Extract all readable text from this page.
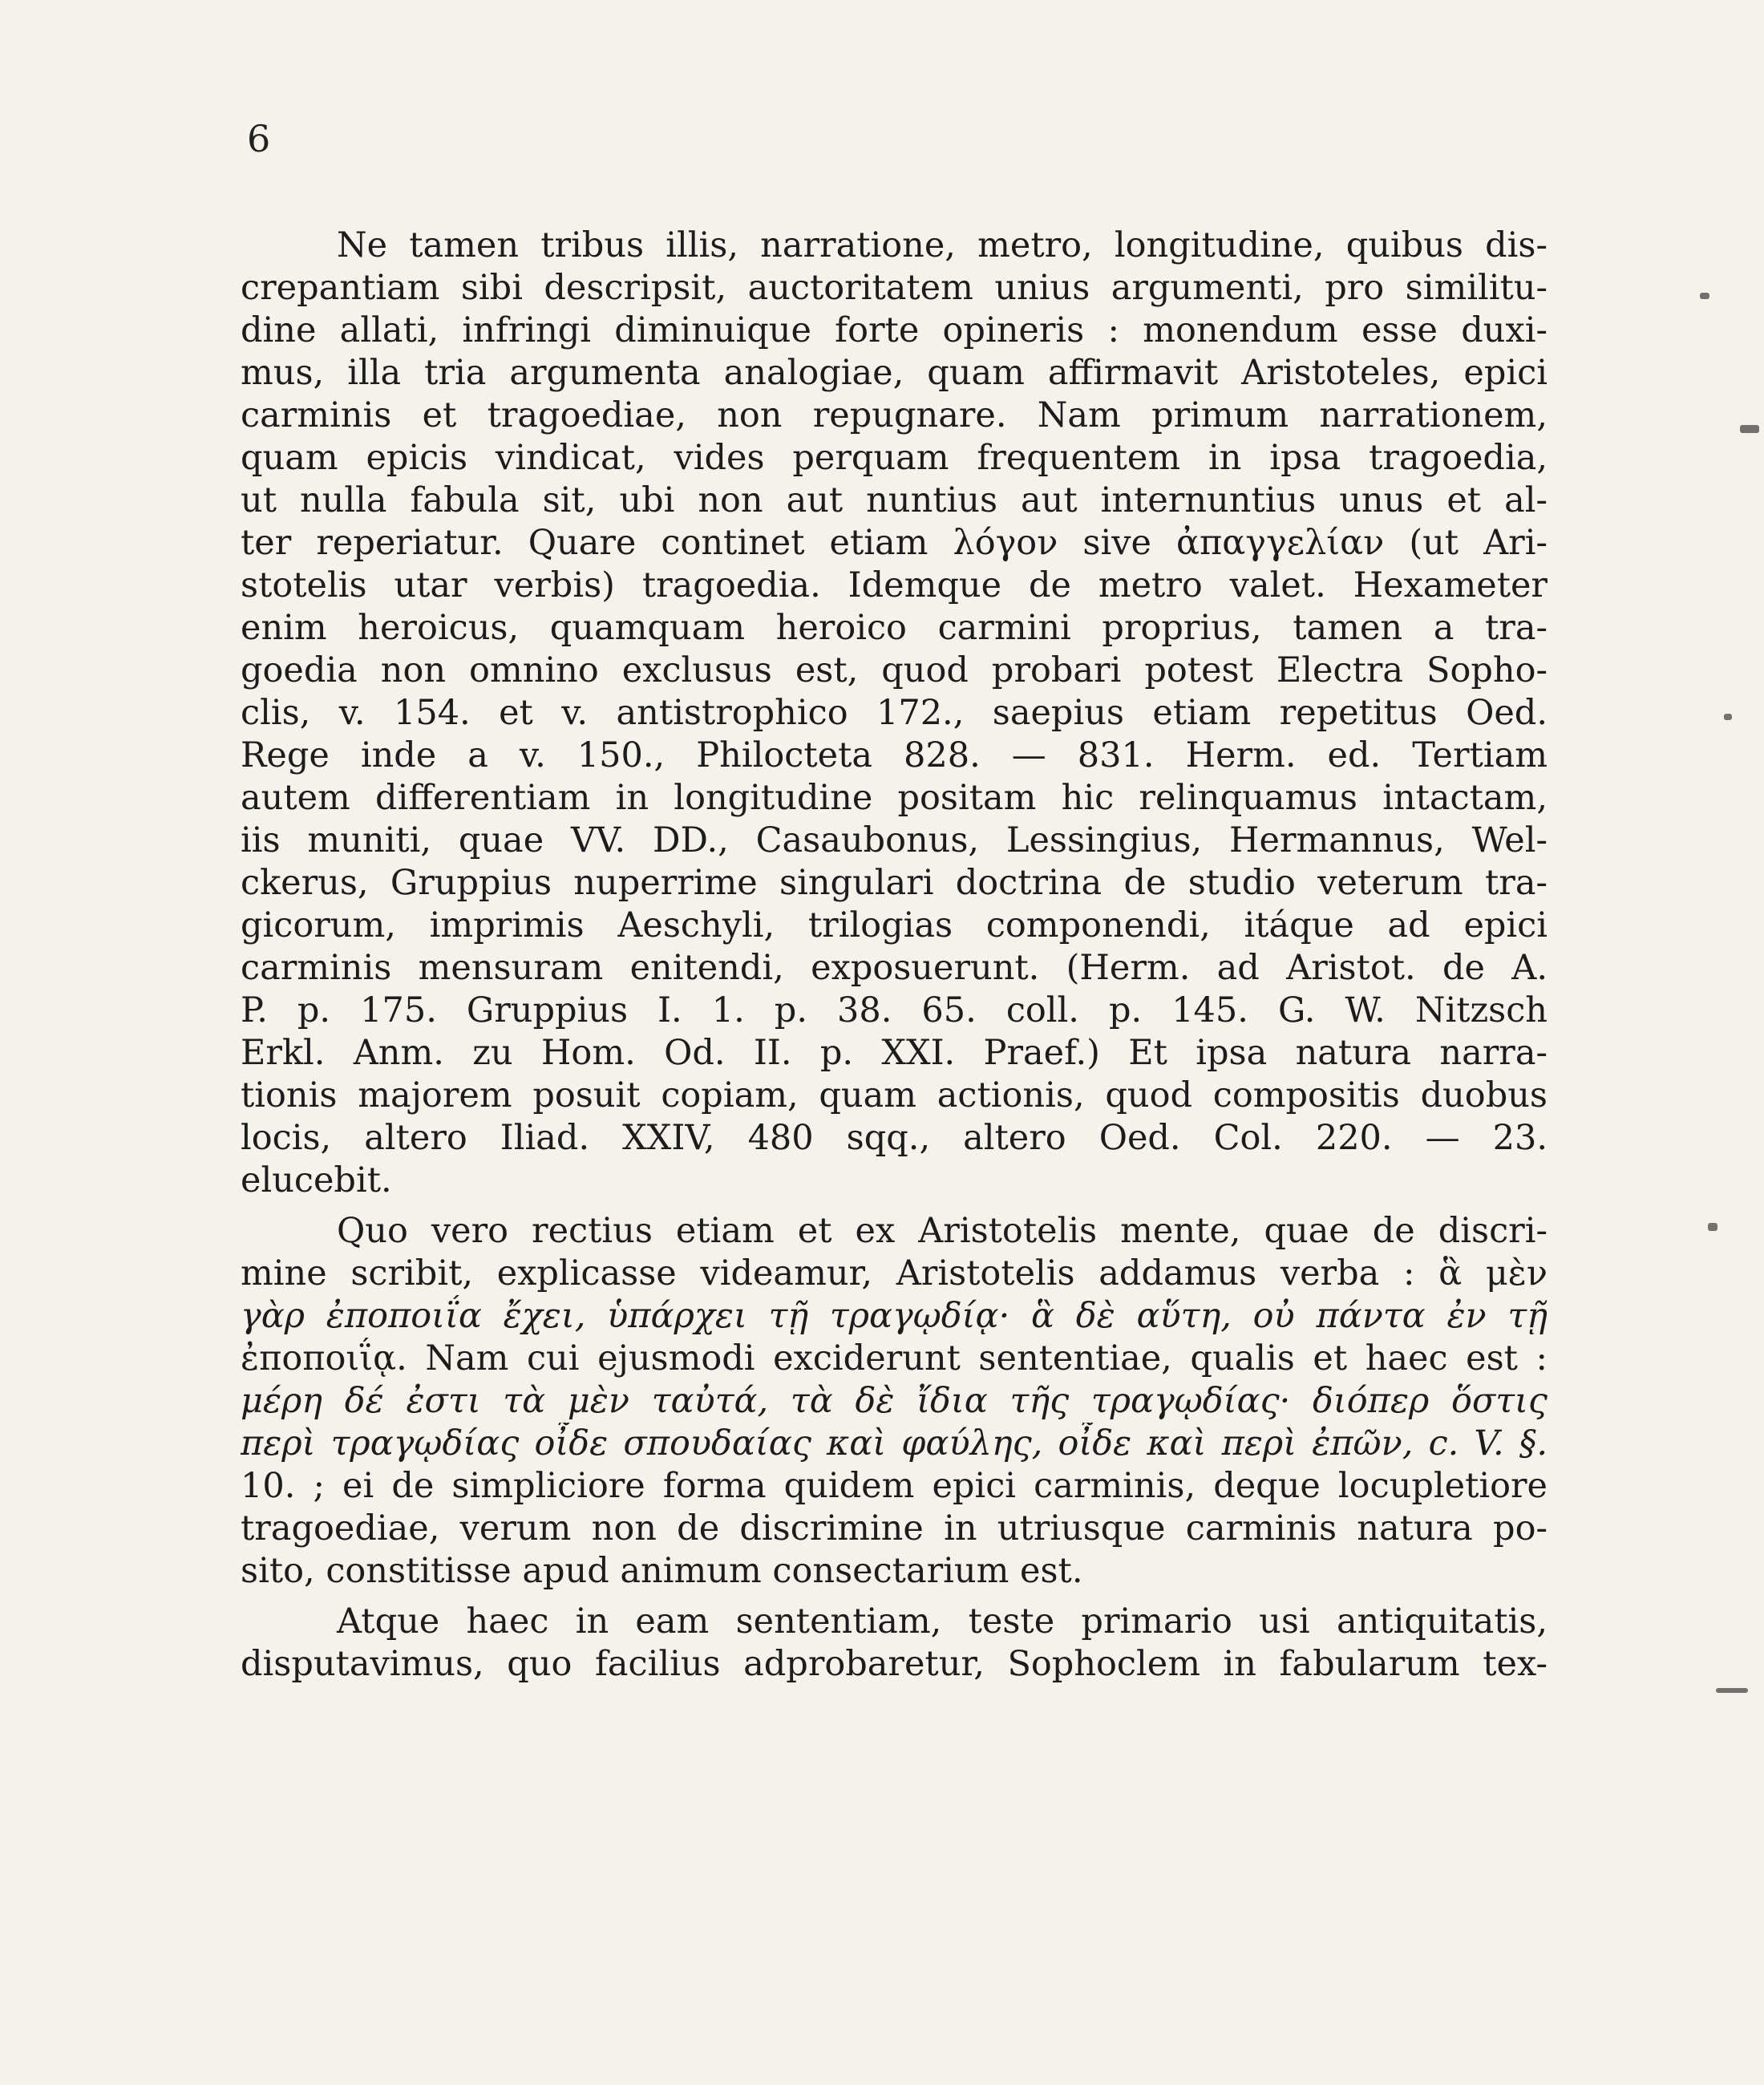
6
Ne tamen tribus illis, narratione, metro, longitudine, quibus dis-
crepantiam sibi descripsit, auctoritatem unius argumenti, pro similitu-
dine allati, infringi diminuique forte opineris : monendum esse duxi-
mus, illa tria argumenta analogiae, quam affirmavit Aristoteles, epici
carminis et tragoediae, non repugnare. Nam primum narrationem,
quam epicis vindicat, vides perquam frequentem in ipsa tragoedia,
ut nulla fabula sit, ubi non aut nuntius aut internuntius unus et al-
ter reperiatur. Quare continet etiam λόγον sive ἀπαγγελίαν (ut Ari-
stotelis utar verbis) tragoedia. Idemque de metro valet. Hexameter
enim heroicus, quamquam heroico carmini proprius, tamen a tra-
goedia non omnino exclusus est, quod probari potest Electra Sopho-
clis, v. 154. et v. antistrophico 172., saepius etiam repetitus Oed.
Rege inde a v. 150., Philocteta 828. — 831. Herm. ed. Tertiam
autem differentiam in longitudine positam hic relinquamus intactam,
iis muniti, quae VV. DD., Casaubonus, Lessingius, Hermannus, Wel-
ckerus, Gruppius nuperrime singulari doctrina de studio veterum tra-
gicorum, imprimis Aeschyli, trilogias componendi, itáque ad epici
carminis mensuram enitendi, exposuerunt. (Herm. ad Aristot. de A.
P. p. 175. Gruppius I. 1. p. 38. 65. coll. p. 145. G. W. Nitzsch
Erkl. Anm. zu Hom. Od. II. p. XXI. Praef.) Et ipsa natura narra-
tionis majorem posuit copiam, quam actionis, quod compositis duobus
locis, altero Iliad. XXIV, 480 sqq., altero Oed. Col. 220. — 23.
elucebit.
Quo vero rectius etiam et ex Aristotelis mente, quae de discri-
mine scribit, explicasse videamur, Aristotelis addamus verba : ἃ μὲν
γὰρ ἐποποιΐα ἔχει, ὑπάρχει τῇ τραγῳδίᾳ· ἃ δὲ αὕτη, οὐ πάντα ἐν τῇ
ἐποποιΐᾳ. Nam cui ejusmodi exciderunt sententiae, qualis et haec est :
μέρη δέ ἐστι τὰ μὲν ταὐτά, τὰ δὲ ἴδια τῆς τραγῳδίας· διόπερ ὅστις
περὶ τραγῳδίας οἶδε σπουδαίας καὶ φαύλης, οἶδε καὶ περὶ ἐπῶν, c. V. §.
10. ; ei de simpliciore forma quidem epici carminis, deque locupletiore
tragoediae, verum non de discrimine in utriusque carminis natura po-
sito, constitisse apud animum consectarium est.
Atque haec in eam sententiam, teste primario usi antiquitatis,
disputavimus, quo facilius adprobaretur, Sophoclem in fabularum tex-
